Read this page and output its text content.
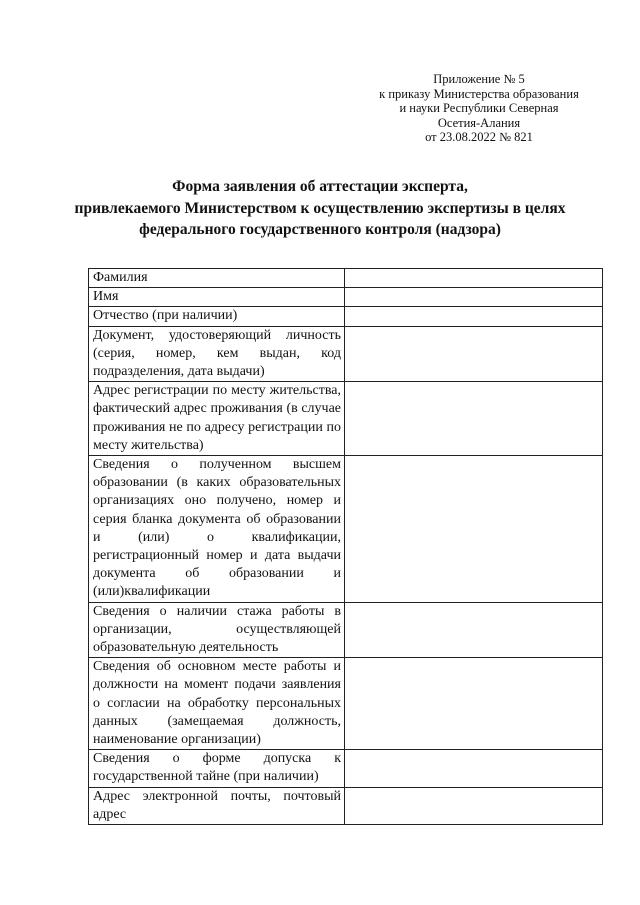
Приложение № 5
к приказу Министерства образования
и науки Республики Северная
Осетия-Алания
от 23.08.2022 № 821
Форма заявления об аттестации эксперта,
привлекаемого Министерством к осуществлению экспертизы в целях
федерального государственного контроля (надзора)
Фамилия	
Имя	
Отчество (при наличии)	
Документ, удостоверяющий личность (серия, номер, кем выдан, код подразделения, дата выдачи)	
Адрес регистрации по месту жительства, фактический адрес проживания (в случае проживания не по адресу регистрации по месту жительства)	
Сведения о полученном высшем образовании (в каких образовательных организациях оно получено, номер и серия бланка документа об образовании и (или) о квалификации, регистрационный номер и дата выдачи документа об образовании и (или)квалификации	
Сведения о наличии стажа работы в организации, осуществляющей образовательную деятельность	
Сведения об основном месте работы и должности на момент подачи заявления о согласии на обработку персональных данных (замещаемая должность, наименование организации)	
Сведения о форме допуска к государственной тайне (при наличии)	
Адрес электронной почты, почтовый адрес	
